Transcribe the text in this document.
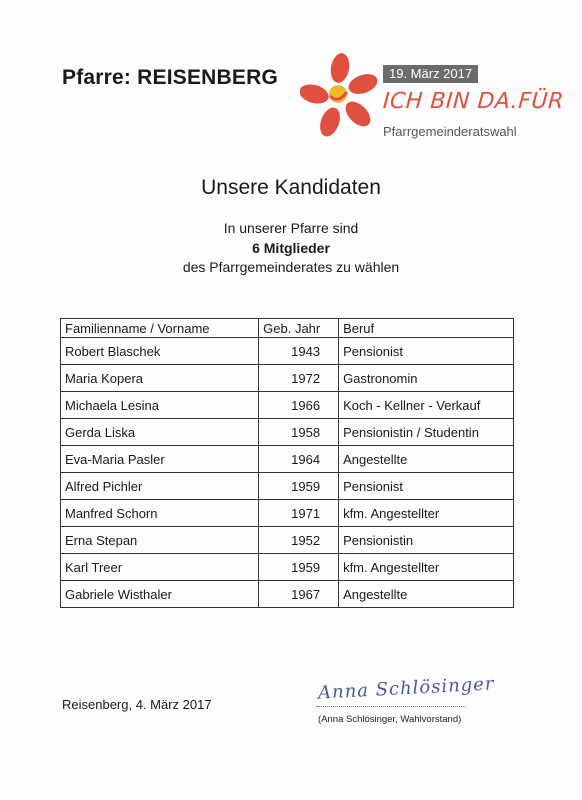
Pfarre: REISENBERG	19. März 2017
ICH BIN DA.FÜR
Pfarrgemeinderatswahl
Unsere Kandidaten
In unserer Pfarre sind
6 Mitglieder
des Pfarrgemeinderates zu wählen
Familienname / Vorname	Geb. Jahr	Beruf
Robert Blaschek	1943	Pensionist
Maria Kopera	1972	Gastronomin
Michaela Lesina	1966	Koch - Kellner - Verkauf
Gerda Liska	1958	Pensionistin / Studentin
Eva-Maria Pasler	1964	Angestellte
Alfred Pichler	1959	Pensionist
Manfred Schorn	1971	kfm. Angestellter
Erna Stepan	1952	Pensionistin
Karl Treer	1959	kfm. Angestellter
Gabriele Wisthaler	1967	Angestellte
Reisenberg, 4. März 2017
Anna Schlösinger
(Anna Schlösinger, Wahlvorstand)
